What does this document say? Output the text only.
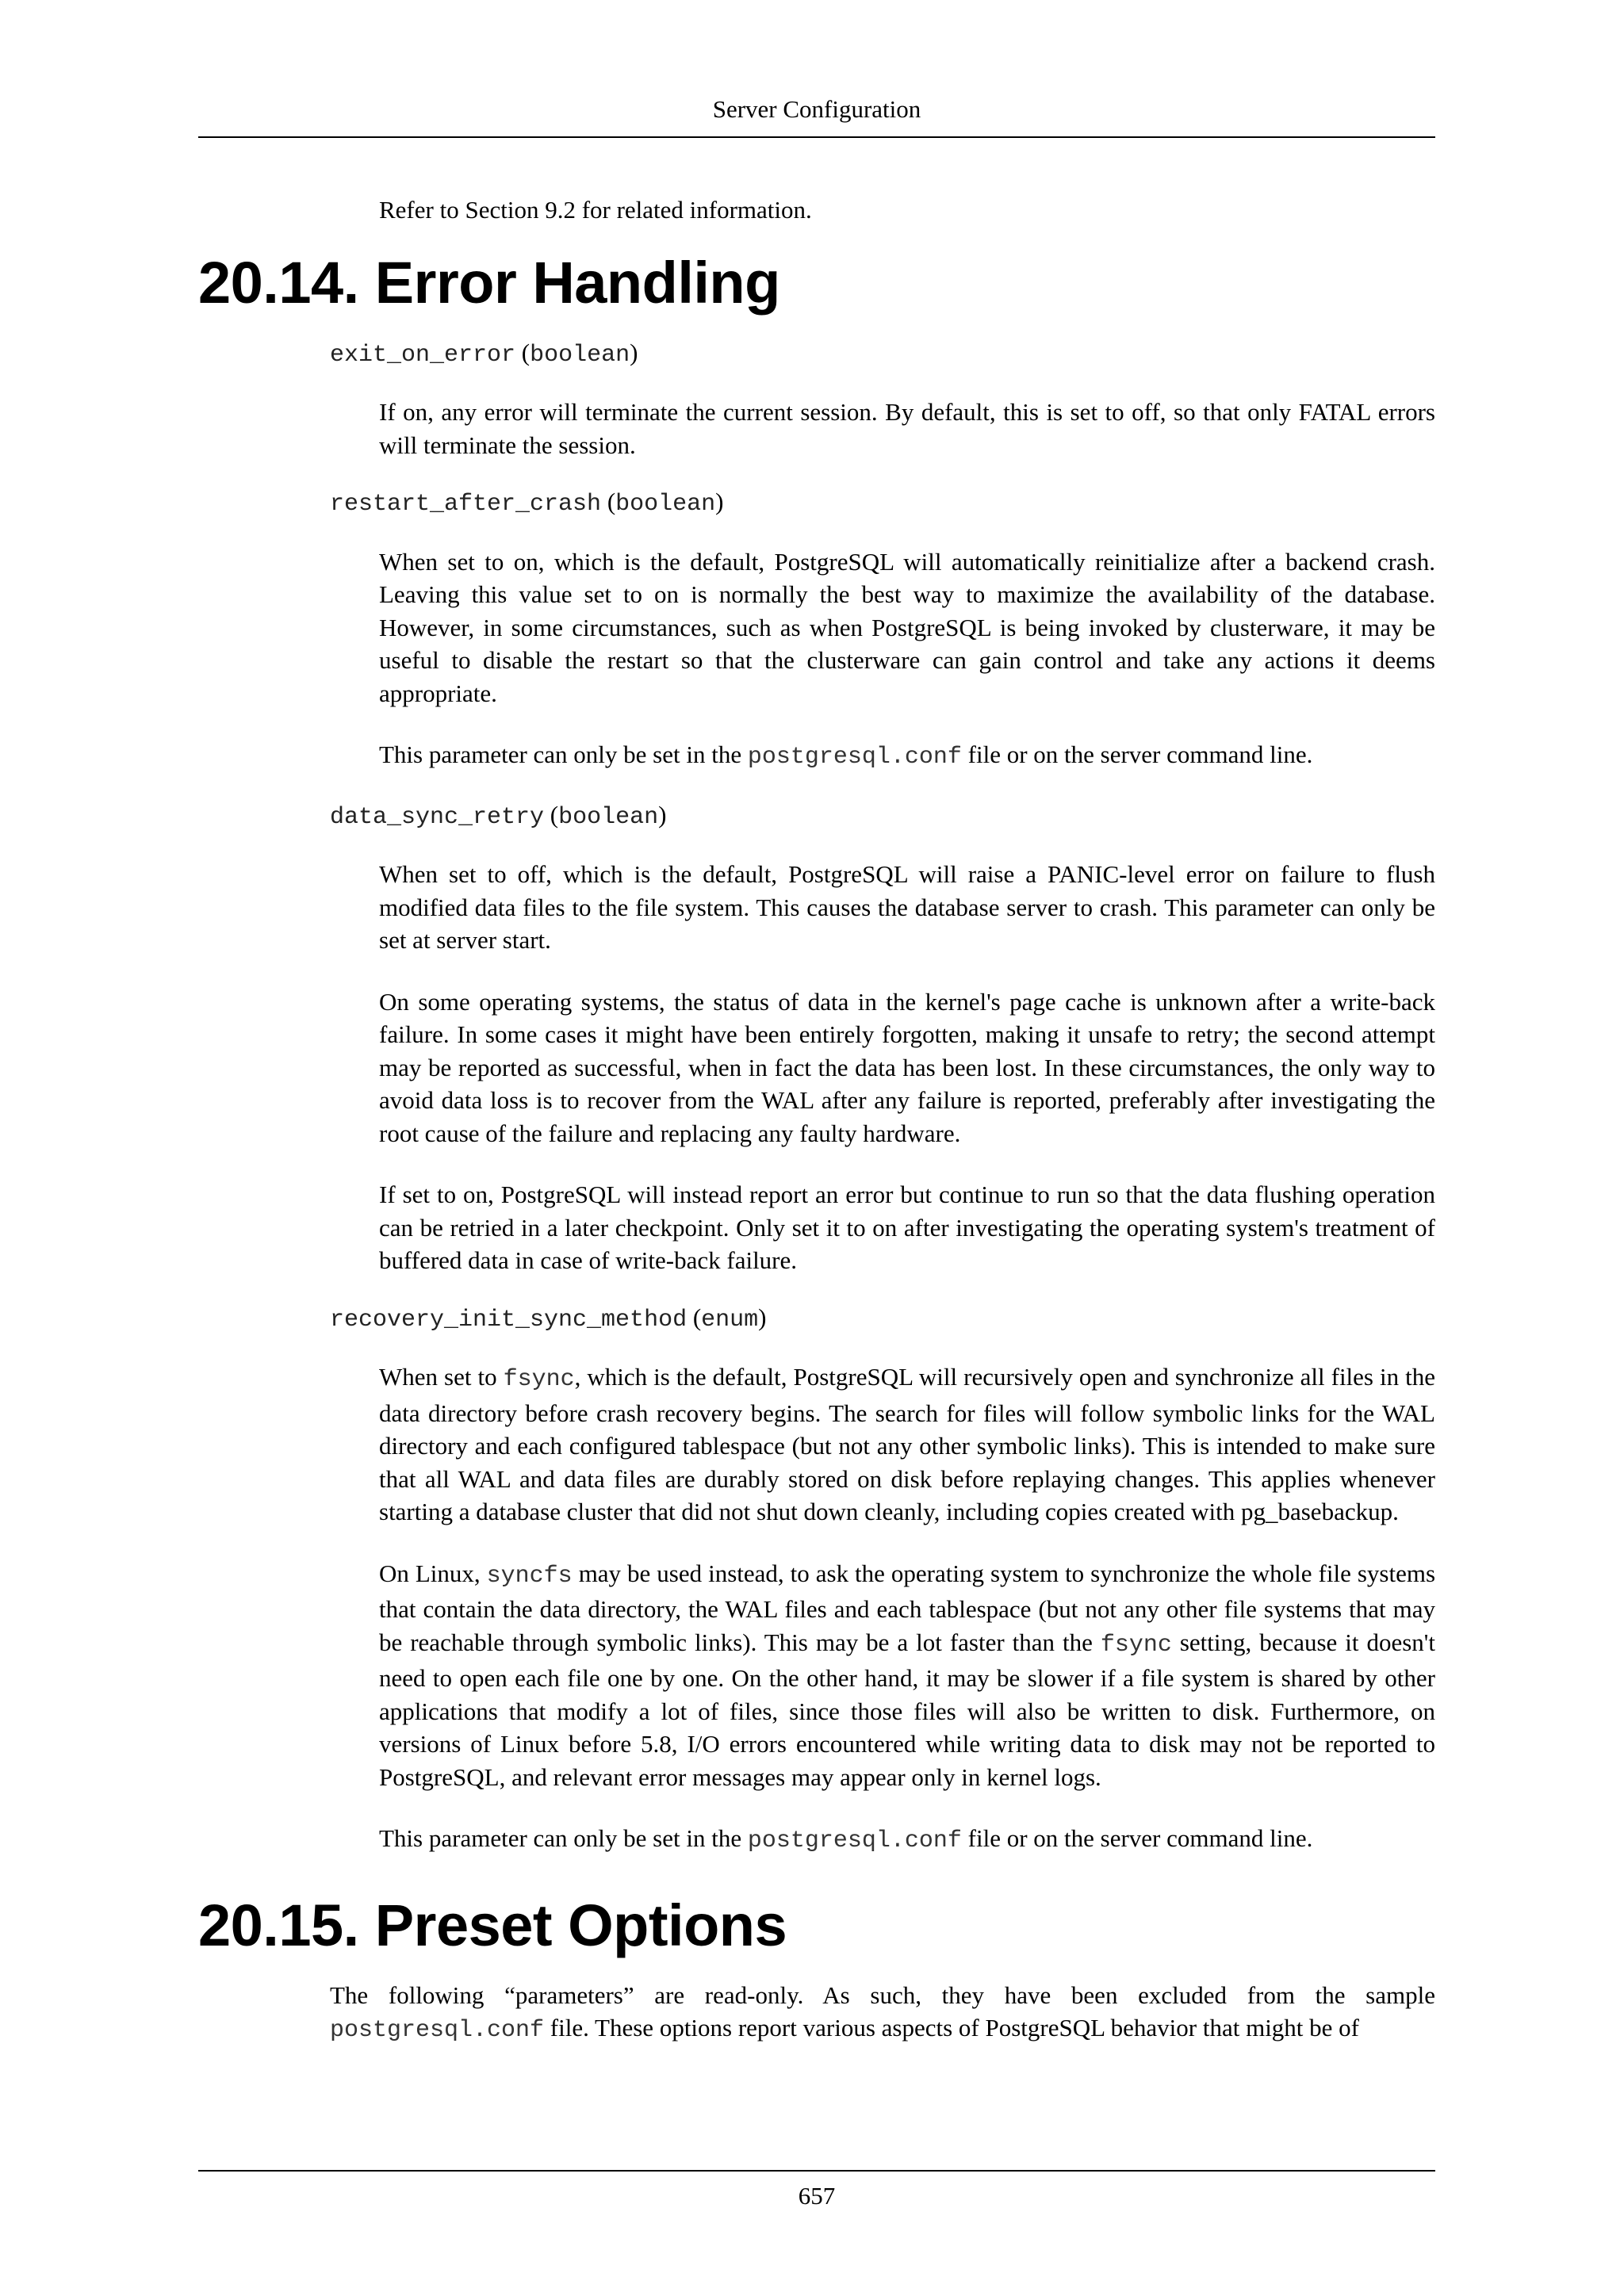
Server Configuration

Refer to Section 9.2 for related information.

20.14. Error Handling
exit_on_error (boolean)

If on, any error will terminate the current session. By default, this is set to off, so that only FATAL errors will terminate the session.

restart_after_crash (boolean)

When set to on, which is the default, PostgreSQL will automatically reinitialize after a backend crash. Leaving this value set to on is normally the best way to maximize the availability of the database. However, in some circumstances, such as when PostgreSQL is being invoked by clusterware, it may be useful to disable the restart so that the clusterware can gain control and take any actions it deems appropriate.

This parameter can only be set in the postgresql.conf file or on the server command line.

data_sync_retry (boolean)

When set to off, which is the default, PostgreSQL will raise a PANIC-level error on failure to flush modified data files to the file system. This causes the database server to crash. This parameter can only be set at server start.

On some operating systems, the status of data in the kernel's page cache is unknown after a write-back failure. In some cases it might have been entirely forgotten, making it unsafe to retry; the second attempt may be reported as successful, when in fact the data has been lost. In these circumstances, the only way to avoid data loss is to recover from the WAL after any failure is reported, preferably after investigating the root cause of the failure and replacing any faulty hardware.

If set to on, PostgreSQL will instead report an error but continue to run so that the data flushing operation can be retried in a later checkpoint. Only set it to on after investigating the operating system's treatment of buffered data in case of write-back failure.

recovery_init_sync_method (enum)

When set to fsync, which is the default, PostgreSQL will recursively open and synchronize all files in the data directory before crash recovery begins. The search for files will follow symbolic links for the WAL directory and each configured tablespace (but not any other symbolic links). This is intended to make sure that all WAL and data files are durably stored on disk before replaying changes. This applies whenever starting a database cluster that did not shut down cleanly, including copies created with pg_basebackup.

On Linux, syncfs may be used instead, to ask the operating system to synchronize the whole file systems that contain the data directory, the WAL files and each tablespace (but not any other file systems that may be reachable through symbolic links). This may be a lot faster than the fsync setting, because it doesn't need to open each file one by one. On the other hand, it may be slower if a file system is shared by other applications that modify a lot of files, since those files will also be written to disk. Furthermore, on versions of Linux before 5.8, I/O errors encountered while writing data to disk may not be reported to PostgreSQL, and relevant error messages may appear only in kernel logs.

This parameter can only be set in the postgresql.conf file or on the server command line.

20.15. Preset Options

The following “parameters” are read-only. As such, they have been excluded from the sample postgresql.conf file. These options report various aspects of PostgreSQL behavior that might be of

657
